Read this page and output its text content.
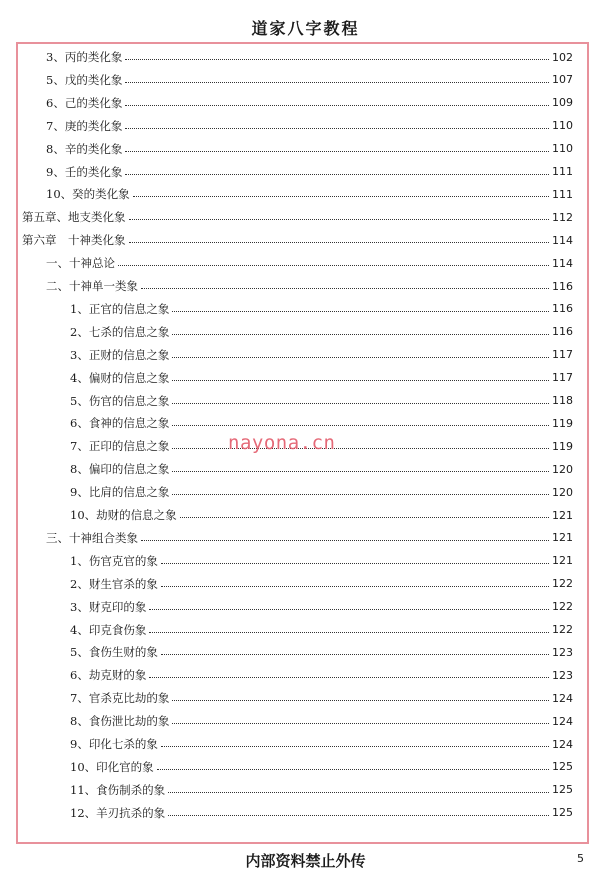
道家八字教程
3、丙的类化象	102
5、戊的类化象	107
6、己的类化象	109
7、庚的类化象	110
8、辛的类化象	110
9、壬的类化象	111
10、癸的类化象	111
第五章、地支类化象	112
第六章　十神类化象	114
一、十神总论	114
二、十神单一类象	116
1、正官的信息之象	116
2、七杀的信息之象	116
3、正财的信息之象	117
4、偏财的信息之象	117
5、伤官的信息之象	118
6、食神的信息之象	119
7、正印的信息之象	119
8、偏印的信息之象	120
9、比肩的信息之象	120
10、劫财的信息之象	121
三、十神组合类象	121
1、伤官克官的象	121
2、财生官杀的象	122
3、财克印的象	122
4、印克食伤象	122
5、食伤生财的象	123
6、劫克财的象	123
7、官杀克比劫的象	124
8、食伤泄比劫的象	124
9、印化七杀的象	124
10、印化官的象	125
11、食伤制杀的象	125
12、羊刃抗杀的象	125
nayona.cn
内部资料禁止外传	5
